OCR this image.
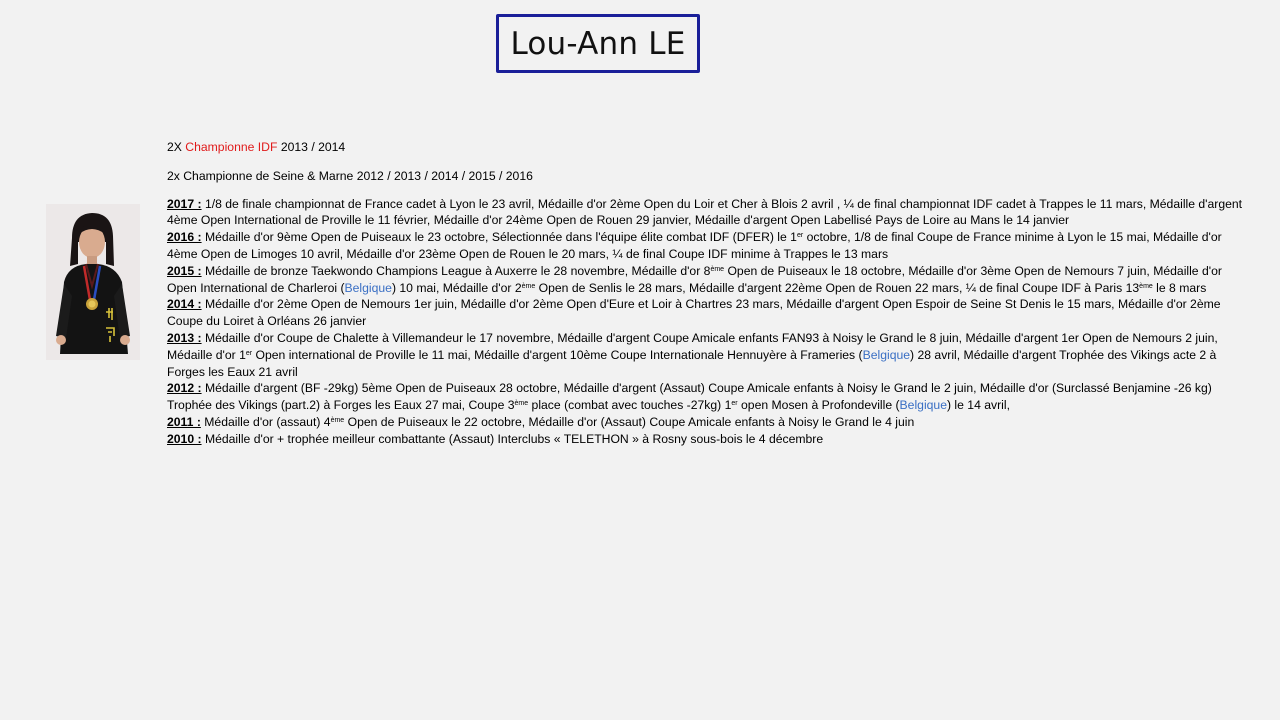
Lou-Ann LE

2X Championne IDF 2013 / 2014

2x Championne de Seine & Marne 2012 / 2013 / 2014 / 2015 / 2016

2017 : 1/8 de finale championnat de France cadet à Lyon le 23 avril, Médaille d'or 2ème Open du Loir et Cher à Blois 2 avril , ¼ de final championnat IDF cadet à Trappes le 11 mars, Médaille d'argent 4ème Open International de Proville le 11 février, Médaille d'or 24ème Open de Rouen 29 janvier, Médaille d'argent Open Labellisé Pays de Loire au Mans le 14 janvier

2016 : Médaille d'or 9ème Open de Puiseaux le 23 octobre, Sélectionnée dans l'équipe élite combat IDF (DFER) le 1er octobre, 1/8 de final Coupe de France minime à Lyon le 15 mai, Médaille d'or 4ème Open de Limoges 10 avril, Médaille d'or 23ème Open de Rouen le 20 mars, ¼ de final Coupe IDF minime à Trappes le 13 mars

2015 : Médaille de bronze Taekwondo Champions League à Auxerre le 28 novembre, Médaille d'or 8ème Open de Puiseaux le 18 octobre, Médaille d'or 3ème Open de Nemours 7 juin, Médaille d'or Open International de Charleroi (Belgique) 10 mai, Médaille d'or 2ème Open de Senlis le 28 mars, Médaille d'argent 22ème Open de Rouen 22 mars, ¼ de final Coupe IDF à Paris 13ème le 8 mars

2014 : Médaille d'or 2ème Open de Nemours 1er juin, Médaille d'or 2ème Open d'Eure et Loir à Chartres 23 mars, Médaille d'argent Open Espoir de Seine St Denis le 15 mars, Médaille d'or 2ème Coupe du Loiret à Orléans 26 janvier

2013 : Médaille d'or Coupe de Chalette à Villemandeur le 17 novembre, Médaille d'argent Coupe Amicale enfants FAN93 à Noisy le Grand le 8 juin, Médaille d'argent 1er Open de Nemours 2 juin, Médaille d'or 1er Open international de Proville le 11 mai, Médaille d'argent 10ème Coupe Internationale Hennuyère à Frameries (Belgique) 28 avril, Médaille d'argent Trophée des Vikings acte 2 à Forges les Eaux 21 avril

2012 : Médaille d'argent (BF -29kg) 5ème Open de Puiseaux 28 octobre, Médaille d'argent (Assaut) Coupe Amicale enfants à Noisy le Grand le 2 juin, Médaille d'or (Surclassé Benjamine -26 kg) Trophée des Vikings (part.2) à Forges les Eaux 27 mai, Coupe 3ème place (combat avec touches -27kg) 1er open Mosen à Profondeville (Belgique) le 14 avril,

2011 : Médaille d'or (assaut) 4ème Open de Puiseaux le 22 octobre, Médaille d'or (Assaut) Coupe Amicale enfants à Noisy le Grand le 4 juin

2010 : Médaille d'or + trophée meilleur combattante (Assaut) Interclubs « TELETHON » à Rosny sous-bois le 4 décembre
